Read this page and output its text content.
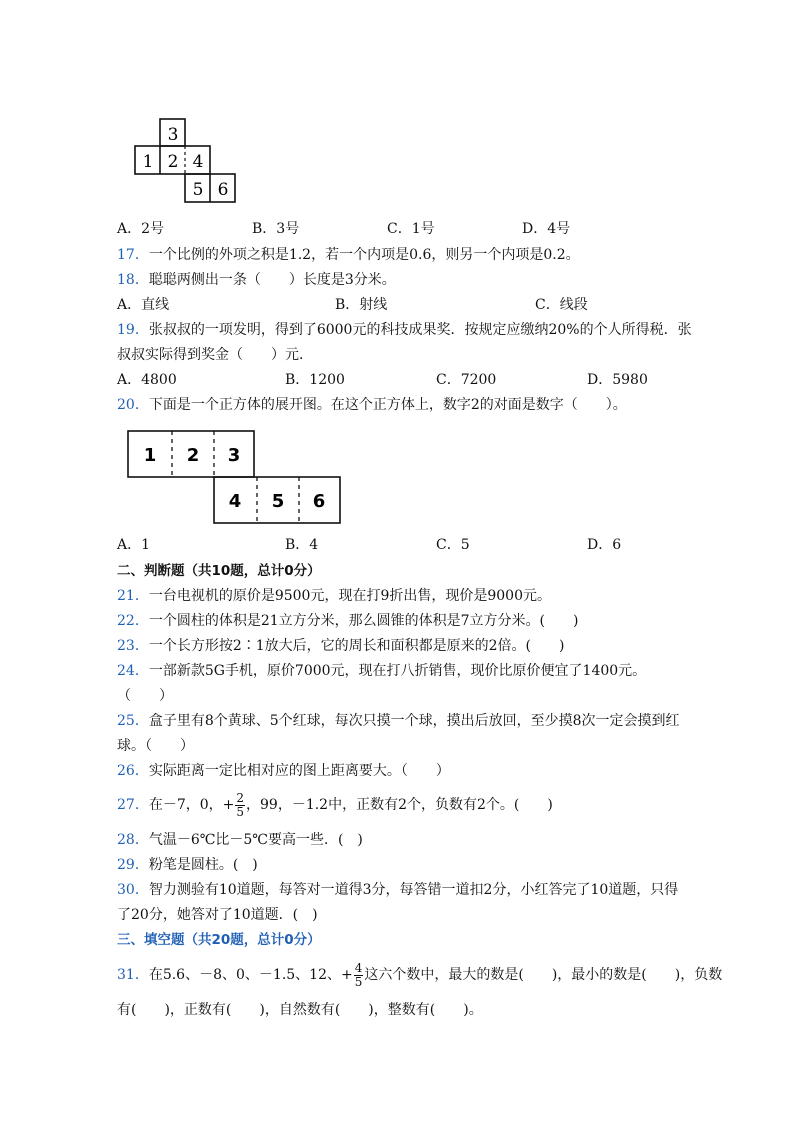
3
1 2 4
5 6
A．2号	B．3号	C．1号	D．4号
17．一个比例的外项之积是1.2，若一个内项是0.6，则另一个内项是0.2。
18．聪聪两侧出一条（　　）长度是3分米。
A．直线	B．射线	C．线段
19．张叔叔的一项发明，得到了6000元的科技成果奖．按规定应缴纳20%的个人所得税．张
叔叔实际得到奖金（　　）元．
A．4800	B．1200	C．7200	D．5980
20．下面是一个正方体的展开图。在这个正方体上，数字2的对面是数字（　　）。
1 2 3
4 5 6
A．1	B．4	C．5	D．6
二、判断题（共10题，总计0分）
21．一台电视机的原价是9500元，现在打9折出售，现价是9000元。
22．一个圆柱的体积是21立方分米，那么圆锥的体积是7立方分米。(　　)
23．一个长方形按2∶1放大后，它的周长和面积都是原来的2倍。(　　)
24．一部新款5G手机，原价7000元，现在打八折销售，现价比原价便宜了1400元。
（　　）
25．盒子里有8个黄球、5个红球，每次只摸一个球，摸出后放回，至少摸8次一定会摸到红
球。（　　）
26．实际距离一定比相对应的图上距离要大。（　　）
27．在－7，0，+ $\frac{2}{5}$ ，99，－1.2中，正数有2个，负数有2个。(　　)
28．气温－6℃比－5℃要高一些．(　)
29．粉笔是圆柱。(　)
30．智力测验有10道题，每答对一道得3分，每答错一道扣2分，小红答完了10道题，只得
了20分，她答对了10道题．(　)
三、填空题（共20题，总计0分）
31．在5.6、－8、0、－1.5、12、+ $\frac{4}{5}$ 这六个数中，最大的数是(　　)，最小的数是(　　)，负数
有(　　)，正数有(　　)，自然数有(　　)，整数有(　　)。
